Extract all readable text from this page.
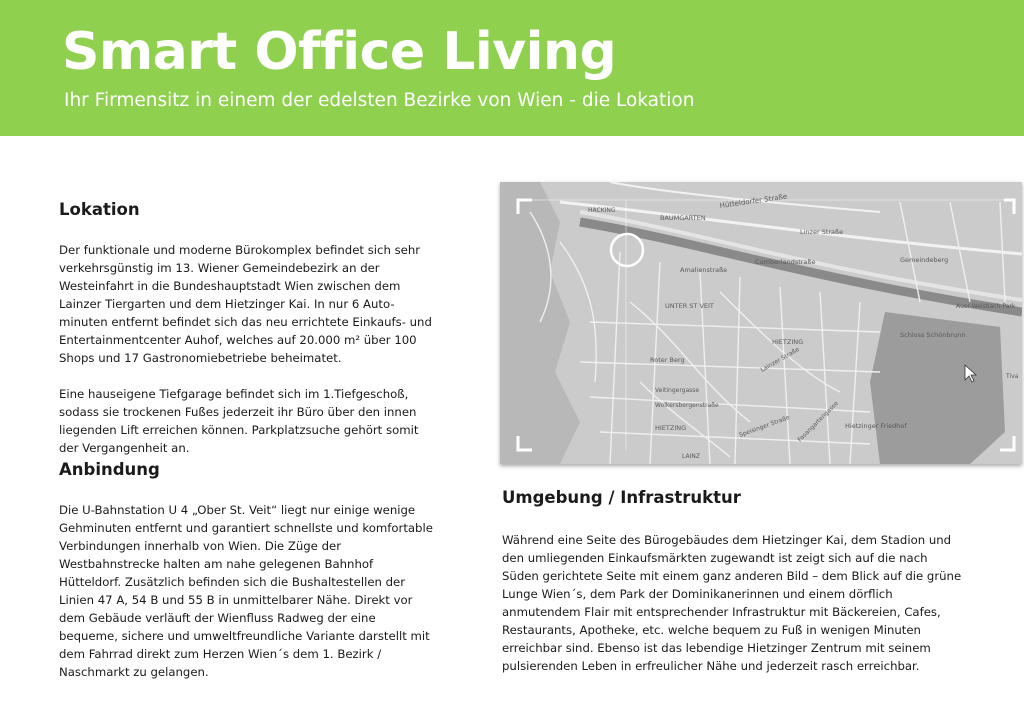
Smart Office Living
Ihr Firmensitz in einem der edelsten Bezirke von Wien - die Lokation
Lokation

Der funktionale und moderne Bürokomplex befindet sich sehr
verkehrsgünstig im 13. Wiener Gemeindebezirk an der
Westeinfahrt in die Bundeshauptstadt Wien zwischen dem
Lainzer Tiergarten und dem Hietzinger Kai. In nur 6 Auto-
minuten entfernt befindet sich das neu errichtete Einkaufs- und
Entertainmentcenter Auhof, welches auf 20.000 m² über 100
Shops und 17 Gastronomiebetriebe beheimatet.

Eine hauseigene Tiefgarage befindet sich im 1.Tiefgeschoß,
sodass sie trockenen Fußes jederzeit ihr Büro über den innen
liegenden Lift erreichen können. Parkplatzsuche gehört somit
der Vergangenheit an.

Anbindung

Die U-Bahnstation U 4 „Ober St. Veit“ liegt nur einige wenige
Gehminuten entfernt und garantiert schnellste und komfortable
Verbindungen innerhalb von Wien. Die Züge der
Westbahnstrecke halten am nahe gelegenen Bahnhof
Hütteldorf. Zusätzlich befinden sich die Bushaltestellen der
Linien 47 A, 54 B und 55 B in unmittelbarer Nähe. Direkt vor
dem Gebäude verläuft der Wienfluss Radweg der eine
bequeme, sichere und umweltfreundliche Variante darstellt mit
dem Fahrrad direkt zum Herzen Wien´s dem 1. Bezirk /
Naschmarkt zu gelangen.

Umgebung / Infrastruktur

Während eine Seite des Bürogebäudes dem Hietzinger Kai, dem Stadion und
den umliegenden Einkaufsmärkten zugewandt ist zeigt sich auf die nach
Süden gerichtete Seite mit einem ganz anderen Bild – dem Blick auf die grüne
Lunge Wien´s, dem Park der Dominikanerinnen und einem dörflich
anmutendem Flair mit entsprechender Infrastruktur mit Bäckereien, Cafes,
Restaurants, Apotheke, etc. welche bequem zu Fuß in wenigen Minuten
erreichbar sind. Ebenso ist das lebendige Hietzinger Zentrum mit seinem
pulsierenden Leben in erfreulicher Nähe und jederzeit rasch erreichbar.

Hütteldorfer Straße
BAUMGARTEN
HACKING
Linzer Straße
Cumberlandstraße	Gemeindeberg
Amalienstraße
UNTER ST VEIT	Auer-Welsbach-Park
Schloss Schönbrunn
HIETZING
HIETZING
Roter Berg
Hietzinger Friedhof
Veitingergasse
Lainzer Straße
Wolkersbergenstraße
Speisinger Straße Fasangartengasse
LAINZ
Tiva
